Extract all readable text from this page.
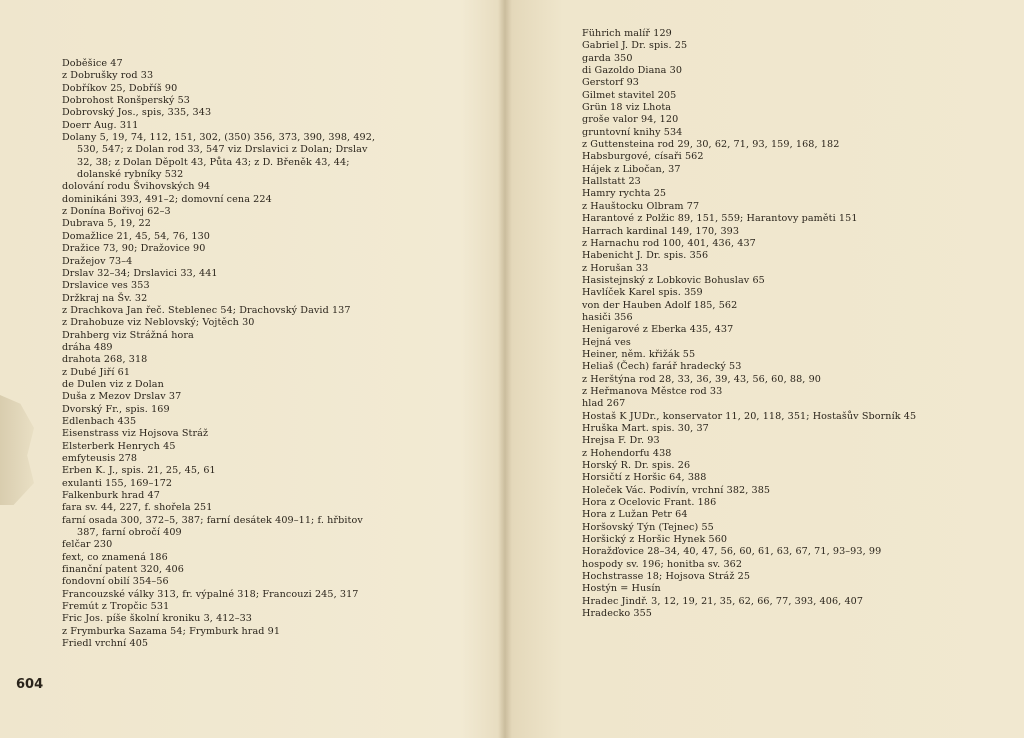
Doběšice 47
z Dobrušky rod 33
Dobříkov 25, Dobříš 90
Dobrohost Ronšperský 53
Dobrovský Jos., spis, 335, 343
Doerr Aug. 311
Dolany 5, 19, 74, 112, 151, 302, (350) 356, 373, 390, 398, 492,
530, 547; z Dolan rod 33, 547 viz Drslavici z Dolan; Drslav
32, 38; z Dolan Děpolt 43, Půta 43; z D. Břeněk 43, 44;
dolanské rybníky 532
dolování rodu Švihovských 94
dominikáni 393, 491–2; domovní cena 224
z Donína Bořivoj 62–3
Dubrava 5, 19, 22
Domažlice 21, 45, 54, 76, 130
Dražice 73, 90; Dražovice 90
Dražejov 73–4
Drslav 32–34; Drslavici 33, 441
Drslavice ves 353
Držkraj na Šv. 32
z Drachkova Jan řeč. Steblenec 54; Drachovský David 137
z Drahobuze viz Neblovský; Vojtěch 30
Drahberg viz Strážná hora
dráha 489
drahota 268, 318
z Dubé Jiří 61
de Dulen viz z Dolan
Duša z Mezov Drslav 37
Dvorský Fr., spis. 169
Edlenbach 435
Eisenstrass viz Hojsova Stráž
Elsterberk Henrych 45
emfyteusis 278
Erben K. J., spis. 21, 25, 45, 61
exulanti 155, 169–172
Falkenburk hrad 47
fara sv. 44, 227, f. shořela 251
farní osada 300, 372–5, 387; farní desátek 409–11; f. hřbitov
387, farní obročí 409
felčar 230
fext, co znamená 186
finanční patent 320, 406
fondovní obilí 354–56
Francouzské války 313, fr. výpalné 318; Francouzi 245, 317
Fremút z Tropčic 531
Fric Jos. píše školní kroniku 3, 412–33
z Frymburka Sazama 54; Frymburk hrad 91
Friedl vrchní 405
604
Führich malíř 129
Gabriel J. Dr. spis. 25
garda 350
di Gazoldo Diana 30
Gerstorf 93
Gilmet stavitel 205
Grün 18 viz Lhota
groše valor 94, 120
gruntovní knihy 534
z Guttensteina rod 29, 30, 62, 71, 93, 159, 168, 182
Habsburgové, císaři 562
Hájek z Libočan, 37
Hallstatt 23
Hamry rychta 25
z Hauštocku Olbram 77
Harantové z Polžic 89, 151, 559; Harantovy paměti 151
Harrach kardinal 149, 170, 393
z Harnachu rod 100, 401, 436, 437
Habenicht J. Dr. spis. 356
z Horušan 33
Hasistejnský z Lobkovic Bohuslav 65
Havlíček Karel spis. 359
von der Hauben Adolf 185, 562
hasiči 356
Henigarové z Eberka 435, 437
Hejná ves
Heiner, něm. křižák 55
Heliaš (Čech) farář hradecký 53
z Herštýna rod 28, 33, 36, 39, 43, 56, 60, 88, 90
z Heřmanova Městce rod 33
hlad 267
Hostaš K JUDr., konservator 11, 20, 118, 351; Hostašův Sborník 45
Hruška Mart. spis. 30, 37
Hrejsa F. Dr. 93
z Hohendorfu 438
Horský R. Dr. spis. 26
Horsičtí z Horšic 64, 388
Holeček Vác. Podivín, vrchní 382, 385
Hora z Ocelovic Frant. 186
Hora z Lužan Petr 64
Horšovský Týn (Tejnec) 55
Horšický z Horšic Hynek 560
Horažďovice 28–34, 40, 47, 56, 60, 61, 63, 67, 71, 93–93, 99
hospody sv. 196; honitba sv. 362
Hochstrasse 18; Hojsova Stráž 25
Hostýn = Husín
Hradec Jindř. 3, 12, 19, 21, 35, 62, 66, 77, 393, 406, 407
Hradecko 355
